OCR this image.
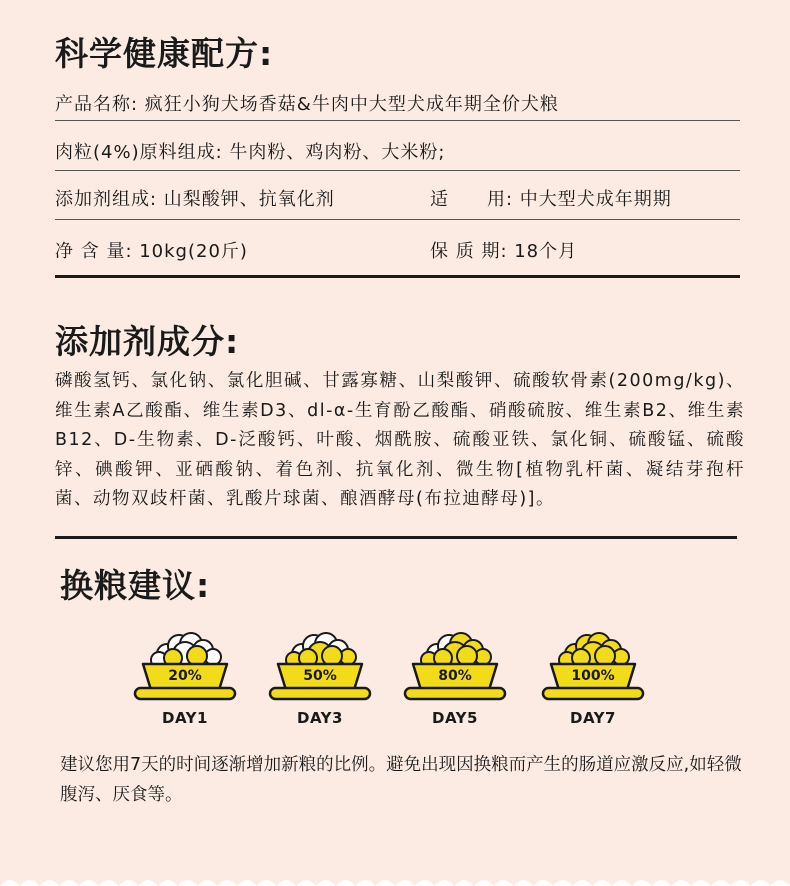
科学健康配方:
产品名称: 疯狂小狗犬场香菇&牛肉中大型犬成年期全价犬粮
肉粒(4%)原料组成: 牛肉粉、鸡肉粉、大米粉;
添加剂组成: 山梨酸钾、抗氧化剂	适　　用: 中大型犬成年期期
净 含 量: 10kg(20斤)	保 质 期: 18个月
添加剂成分:

磷酸氢钙、氯化钠、氯化胆碱、甘露寡糖、山梨酸钾、硫酸软骨素(200mg/kg)、维生素A乙酸酯、维生素D3、dl-α-生育酚乙酸酯、硝酸硫胺、维生素B2、维生素B12、D-生物素、D-泛酸钙、叶酸、烟酰胺、硫酸亚铁、氯化铜、硫酸锰、硫酸锌、碘酸钾、亚硒酸钠、着色剂、抗氧化剂、微生物[植物乳杆菌、凝结芽孢杆菌、动物双歧杆菌、乳酸片球菌、酿酒酵母(布拉迪酵母)]。

换粮建议:
20%
DAY1
50%
DAY3
80%
DAY5
100%
DAY7

建议您用7天的时间逐渐增加新粮的比例。避免出现因换粮而产生的肠道应激反应,如轻微腹泻、厌食等。
